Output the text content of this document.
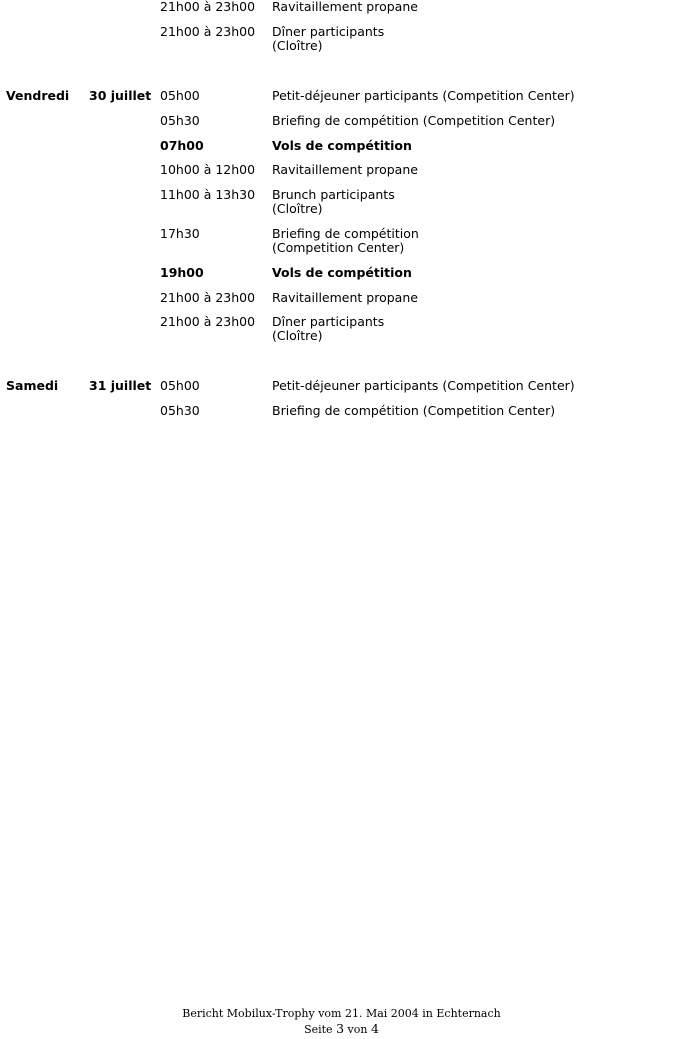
21h00 à 23h00 Ravitaillement propane
21h00 à 23h00 Dîner participants
(Cloître)
Vendredi 30 juillet 05h00	Petit-déjeuner participants (Competition Center)
05h30	Briefing de compétition (Competition Center)
07h00	Vols de compétition
10h00 à 12h00 Ravitaillement propane
11h00 à 13h30 Brunch participants
(Cloître)
17h30	Briefing de compétition
(Competition Center)
19h00	Vols de compétition
21h00 à 23h00 Ravitaillement propane
21h00 à 23h00 Dîner participants
(Cloître)
Samedi 31 juillet 05h00	Petit-déjeuner participants (Competition Center)
05h30	Briefing de compétition (Competition Center)
Bericht Mobilux-Trophy vom 21. Mai 2004 in Echternach
Seite 3 von 4
